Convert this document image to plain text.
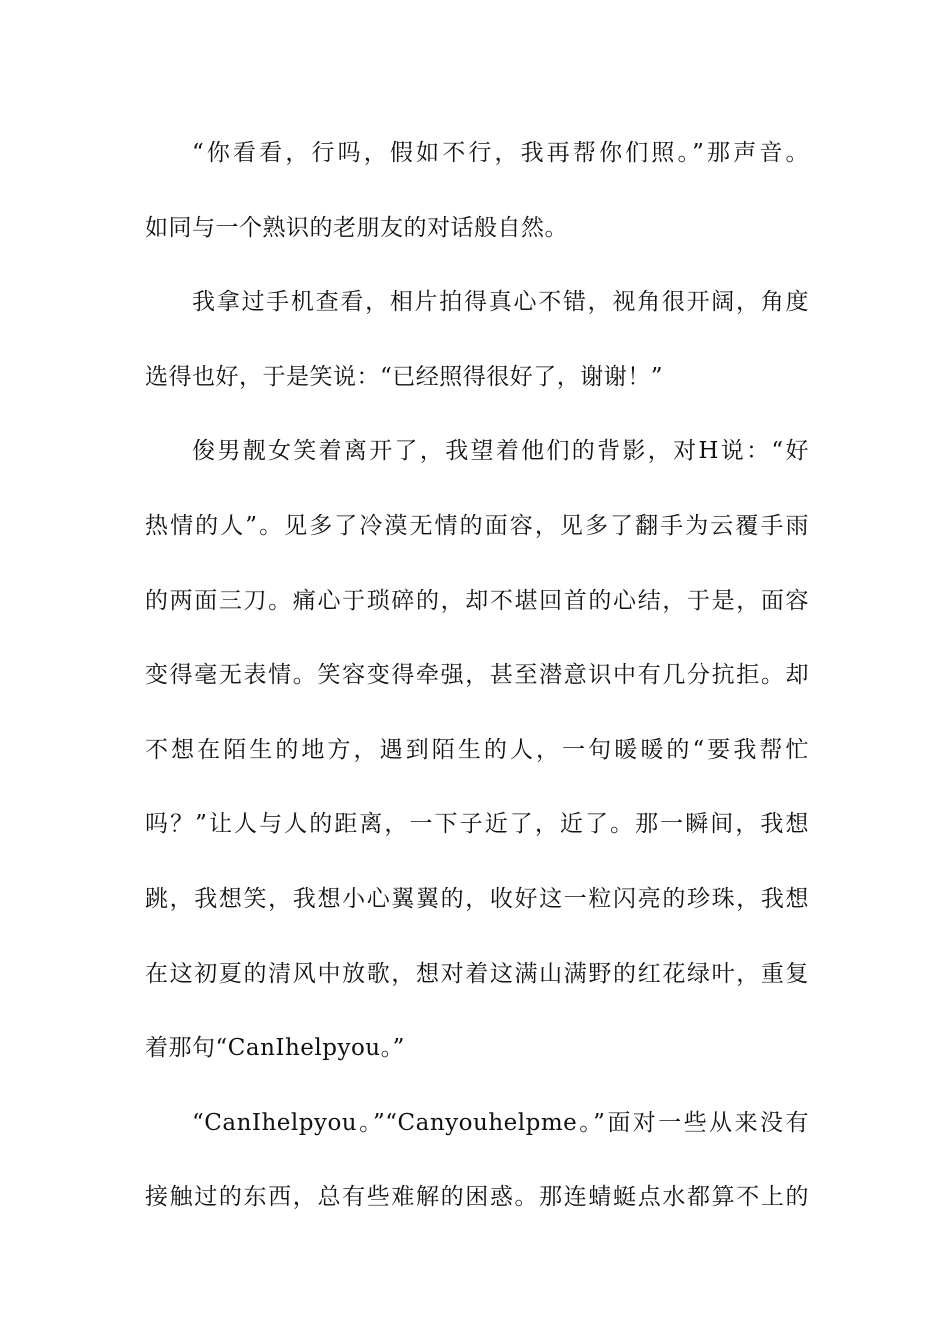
“你看看，行吗，假如不行，我再帮你们照。”那声音。
如同与一个熟识的老朋友的对话般自然。
我拿过手机查看，相片拍得真心不错，视角很开阔，角度
选得也好，于是笑说：“已经照得很好了，谢谢！”
俊男靓女笑着离开了，我望着他们的背影，对H说：“好
热情的人”。见多了冷漠无情的面容，见多了翻手为云覆手雨
的两面三刀。痛心于琐碎的，却不堪回首的心结，于是，面容
变得毫无表情。笑容变得牵强，甚至潜意识中有几分抗拒。却
不想在陌生的地方，遇到陌生的人，一句暖暖的“要我帮忙
吗？”让人与人的距离，一下子近了，近了。那一瞬间，我想
跳，我想笑，我想小心翼翼的，收好这一粒闪亮的珍珠，我想
在这初夏的清风中放歌，想对着这满山满野的红花绿叶，重复
着那句“CanIhelpyou。”
“CanIhelpyou。”“Canyouhelpme。”面对一些从来没有
接触过的东西，总有些难解的困惑。那连蜻蜓点水都算不上的
